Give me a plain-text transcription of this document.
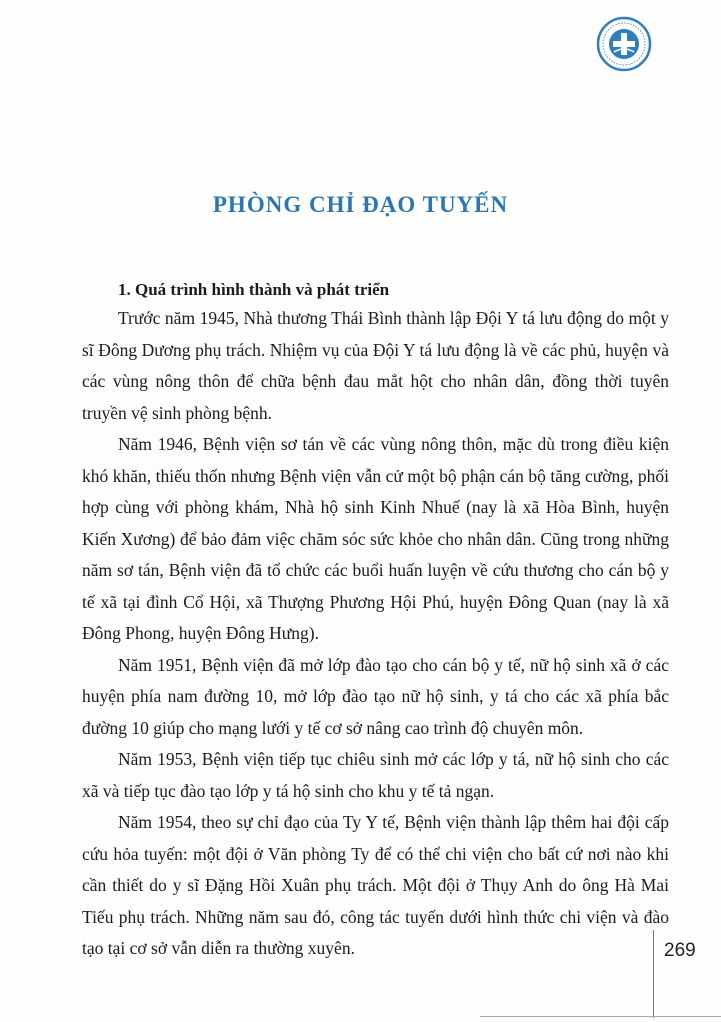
PHÒNG CHỈ ĐẠO TUYẾN
1. Quá trình hình thành và phát triển

Trước năm 1945, Nhà thương Thái Bình thành lập Đội Y tá lưu động do một y sĩ Đông Dương phụ trách. Nhiệm vụ của Đội Y tá lưu động là về các phủ, huyện và các vùng nông thôn để chữa bệnh đau mắt hột cho nhân dân, đồng thời tuyên truyền vệ sinh phòng bệnh.

Năm 1946, Bệnh viện sơ tán về các vùng nông thôn, mặc dù trong điều kiện khó khăn, thiếu thốn nhưng Bệnh viện vẫn cử một bộ phận cán bộ tăng cường, phối hợp cùng với phòng khám, Nhà hộ sinh Kinh Nhuế (nay là xã Hòa Bình, huyện Kiến Xương) để bảo đảm việc chăm sóc sức khỏe cho nhân dân. Cũng trong những năm sơ tán, Bệnh viện đã tổ chức các buổi huấn luyện về cứu thương cho cán bộ y tế xã tại đình Cổ Hội, xã Thượng Phương Hội Phú, huyện Đông Quan (nay là xã Đông Phong, huyện Đông Hưng).

Năm 1951, Bệnh viện đã mở lớp đào tạo cho cán bộ y tế, nữ hộ sinh xã ở các huyện phía nam đường 10, mở lớp đào tạo nữ hộ sinh, y tá cho các xã phía bắc đường 10 giúp cho mạng lưới y tế cơ sở nâng cao trình độ chuyên môn.

Năm 1953, Bệnh viện tiếp tục chiêu sinh mở các lớp y tá, nữ hộ sinh cho các xã và tiếp tục đào tạo lớp y tá hộ sinh cho khu y tế tả ngạn.

Năm 1954, theo sự chỉ đạo của Ty Y tế, Bệnh viện thành lập thêm hai đội cấp cứu hỏa tuyến: một đội ở Văn phòng Ty để có thể chi viện cho bất cứ nơi nào khi cần thiết do y sĩ Đặng Hồi Xuân phụ trách. Một đội ở Thụy Anh do ông Hà Mai Tiếu phụ trách. Những năm sau đó, công tác tuyến dưới hình thức chi viện và đào tạo tại cơ sở vẫn diễn ra thường xuyên.	269
